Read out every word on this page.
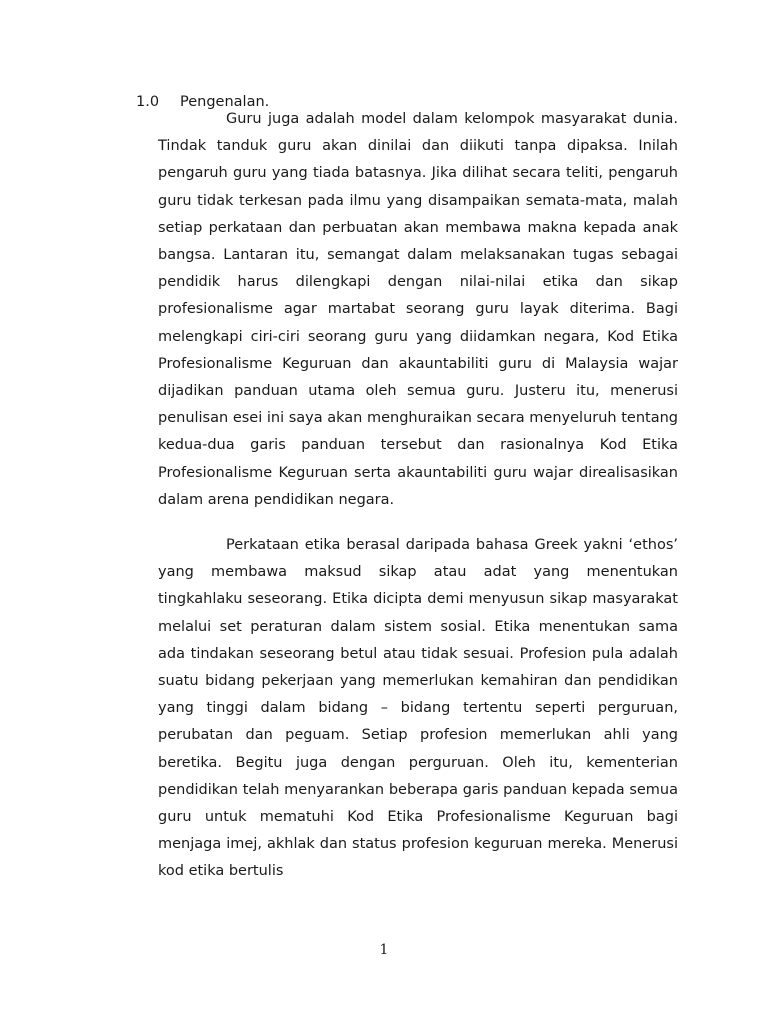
1.0 Pengenalan.

Guru juga adalah model dalam kelompok masyarakat dunia. Tindak tanduk guru akan dinilai dan diikuti tanpa dipaksa. Inilah pengaruh guru yang tiada batasnya. Jika dilihat secara teliti, pengaruh guru tidak terkesan pada ilmu yang disampaikan semata-mata, malah setiap perkataan dan perbuatan akan membawa makna kepada anak bangsa. Lantaran itu, semangat dalam melaksanakan tugas sebagai pendidik harus dilengkapi dengan nilai-nilai etika dan sikap profesionalisme agar martabat seorang guru layak diterima. Bagi melengkapi ciri-ciri seorang guru yang diidamkan negara, Kod Etika Profesionalisme Keguruan dan akauntabiliti guru di Malaysia wajar dijadikan panduan utama oleh semua guru. Justeru itu, menerusi penulisan esei ini saya akan menghuraikan secara menyeluruh tentang kedua-dua garis panduan tersebut dan rasionalnya Kod Etika Profesionalisme Keguruan serta akauntabiliti guru wajar direalisasikan dalam arena pendidikan negara.

Perkataan etika berasal daripada bahasa Greek yakni ‘ethos’ yang membawa maksud sikap atau adat yang menentukan tingkahlaku seseorang. Etika dicipta demi menyusun sikap masyarakat melalui set peraturan dalam sistem sosial. Etika menentukan sama ada tindakan seseorang betul atau tidak sesuai. Profesion pula adalah suatu bidang pekerjaan yang memerlukan kemahiran dan pendidikan yang tinggi dalam bidang – bidang tertentu seperti perguruan, perubatan dan peguam. Setiap profesion memerlukan ahli yang beretika. Begitu juga dengan perguruan. Oleh itu, kementerian pendidikan telah menyarankan beberapa garis panduan kepada semua guru untuk mematuhi Kod Etika Profesionalisme Keguruan bagi menjaga imej, akhlak dan status profesion keguruan mereka. Menerusi kod etika bertulis

1
